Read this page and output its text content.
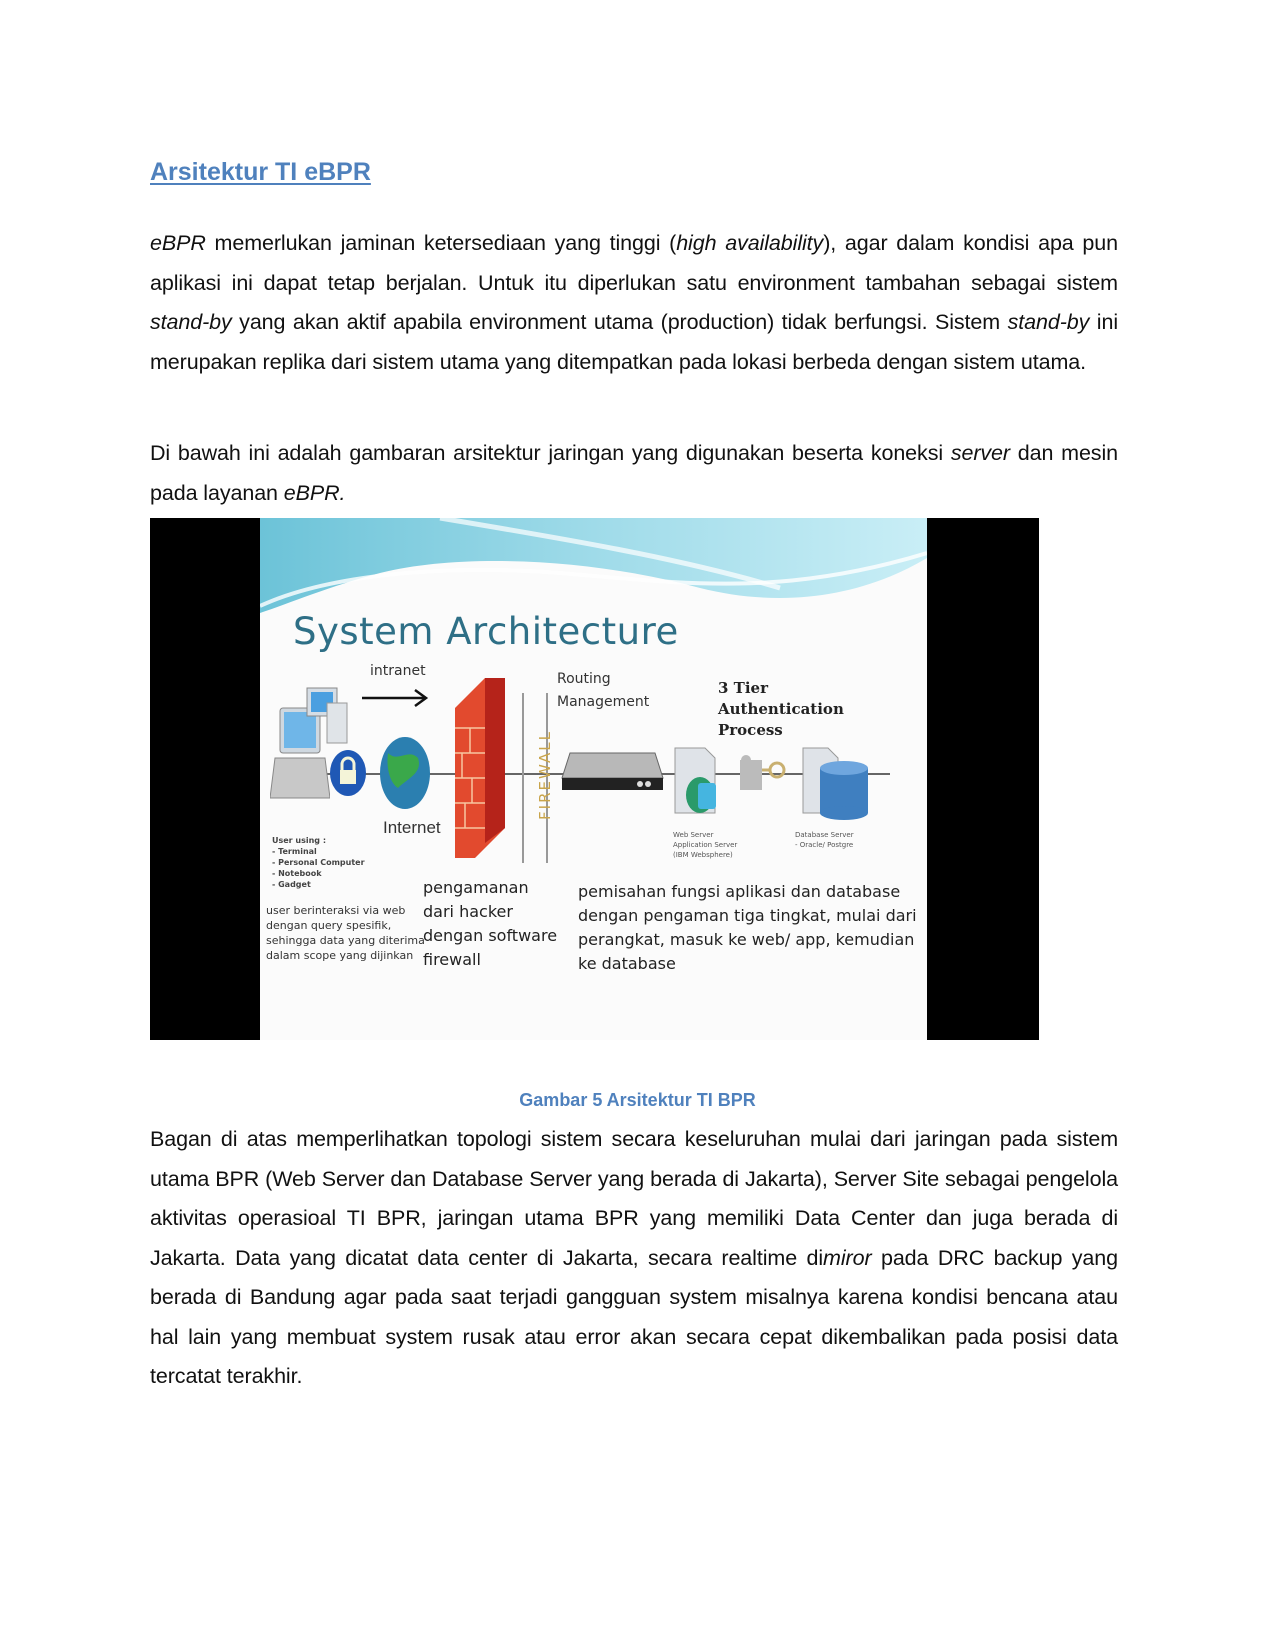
Arsitektur TI eBPR

eBPR memerlukan jaminan ketersediaan yang tinggi (high availability), agar dalam kondisi apa pun aplikasi ini dapat tetap berjalan. Untuk itu diperlukan satu environment tambahan sebagai sistem stand-by yang akan aktif apabila environment utama (production) tidak berfungsi. Sistem stand-by ini merupakan replika dari sistem utama yang ditempatkan pada lokasi berbeda dengan sistem utama.

Di bawah ini adalah gambaran arsitektur jaringan yang digunakan beserta koneksi server dan mesin pada layanan eBPR.

System Architecture
Internet
intranet
FIREWALL
Routing
Management
3 Tier
Authentication
Process
Web Server
Application Server
(IBM Websphere)
Database Server
- Oracle/ Postgre
User using :
- Terminal
- Personal Computer
- Notebook
- Gadget
user berinteraksi via web
dengan query spesifik,
sehingga data yang diterima
dalam scope yang dijinkan
pengamanan
dari hacker
dengan software
firewall
pemisahan fungsi aplikasi dan database
dengan pengaman tiga tingkat, mulai dari
perangkat, masuk ke web/ app, kemudian
ke database
Gambar 5 Arsitektur TI BPR

Bagan di atas memperlihatkan topologi sistem secara keseluruhan mulai dari jaringan pada sistem utama BPR (Web Server dan Database Server yang berada di Jakarta), Server Site sebagai pengelola aktivitas operasioal TI BPR, jaringan utama BPR yang memiliki Data Center dan juga berada di Jakarta. Data yang dicatat data center di Jakarta, secara realtime dimiror pada DRC backup yang berada di Bandung agar pada saat terjadi gangguan system misalnya karena kondisi bencana atau hal lain yang membuat system rusak atau error akan secara cepat dikembalikan pada posisi data tercatat terakhir.
